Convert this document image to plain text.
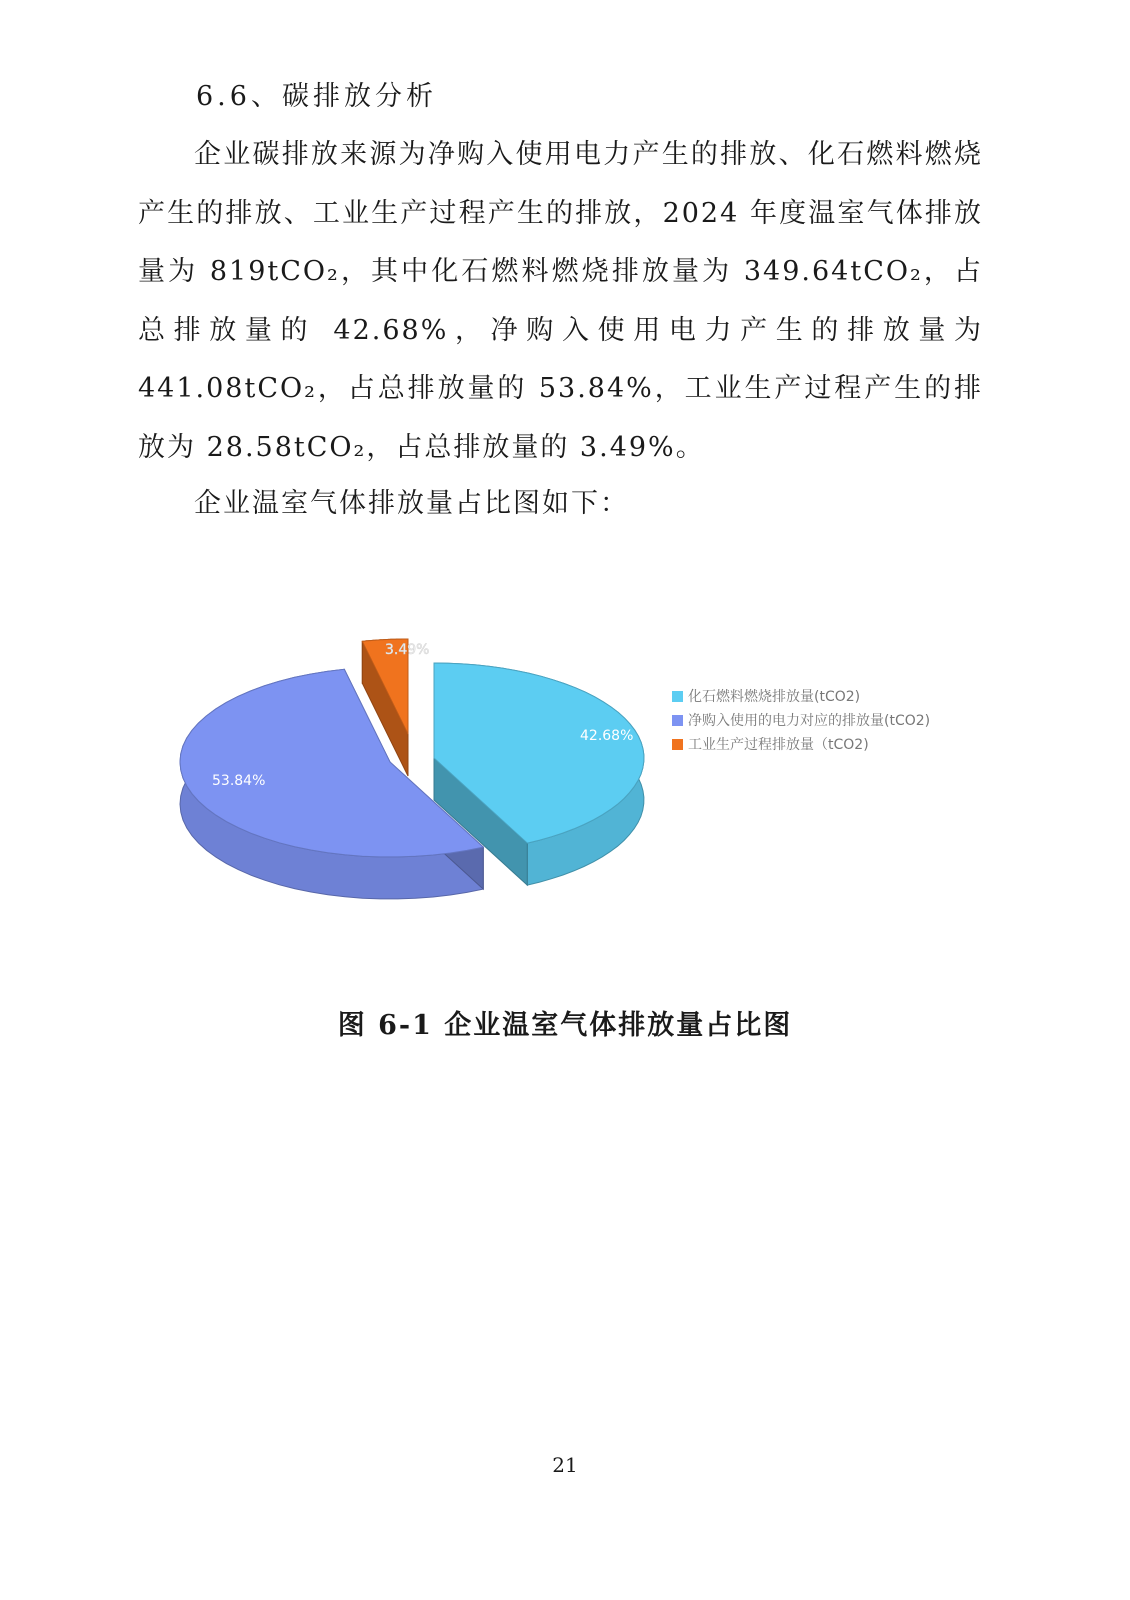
6.6、碳排放分析

企业碳排放来源为净购入使用电力产生的排放、化石燃料燃烧产生的排放、工业生产过程产生的排放，2024 年度温室气体排放量为 819tCO₂，其中化石燃料燃烧排放量为 349.64tCO₂，占总排放量的 42.68%，净购入使用电力产生的排放量为 441.08tCO₂，占总排放量的 53.84%，工业生产过程产生的排放为 28.58tCO₂，占总排放量的 3.49%。

企业温室气体排放量占比图如下：

42.68%
53.84%
3.49%
化石燃料燃烧排放量(tCO2)
净购入使用的电力对应的排放量(tCO2)
工业生产过程排放量（tCO2)
图 6-1 企业温室气体排放量占比图
21
